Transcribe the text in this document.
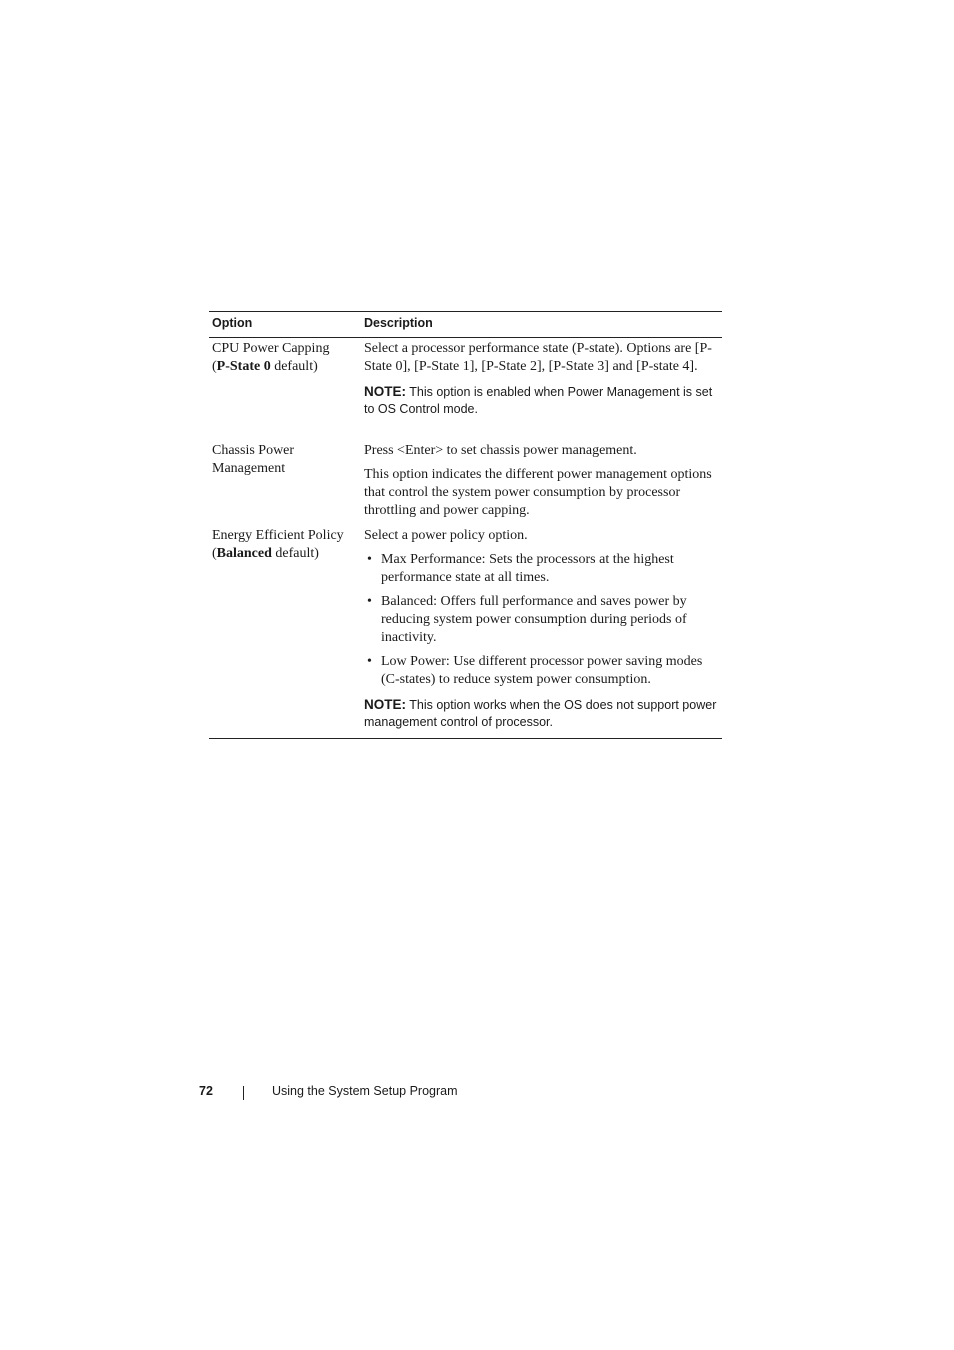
Option	Description
CPU Power Capping
(P-State 0 default)

Select a processor performance state (P-state). Options are [P-State 0], [P-State 1], [P-State 2], [P-State 3] and [P-state 4].

NOTE: This option is enabled when Power Management is set to OS Control mode.

Chassis Power Management

Press <Enter> to set chassis power management.

This option indicates the different power management options that control the system power consumption by processor throttling and power capping.

Energy Efficient Policy
(Balanced default)

Select a power policy option.

• Max Performance: Sets the processors at the highest performance state at all times.
• Balanced: Offers full performance and saves power by reducing system power consumption during periods of inactivity.
• Low Power: Use different processor power saving modes (C-states) to reduce system power consumption.

NOTE: This option works when the OS does not support power management control of processor.

72	Using the System Setup Program
